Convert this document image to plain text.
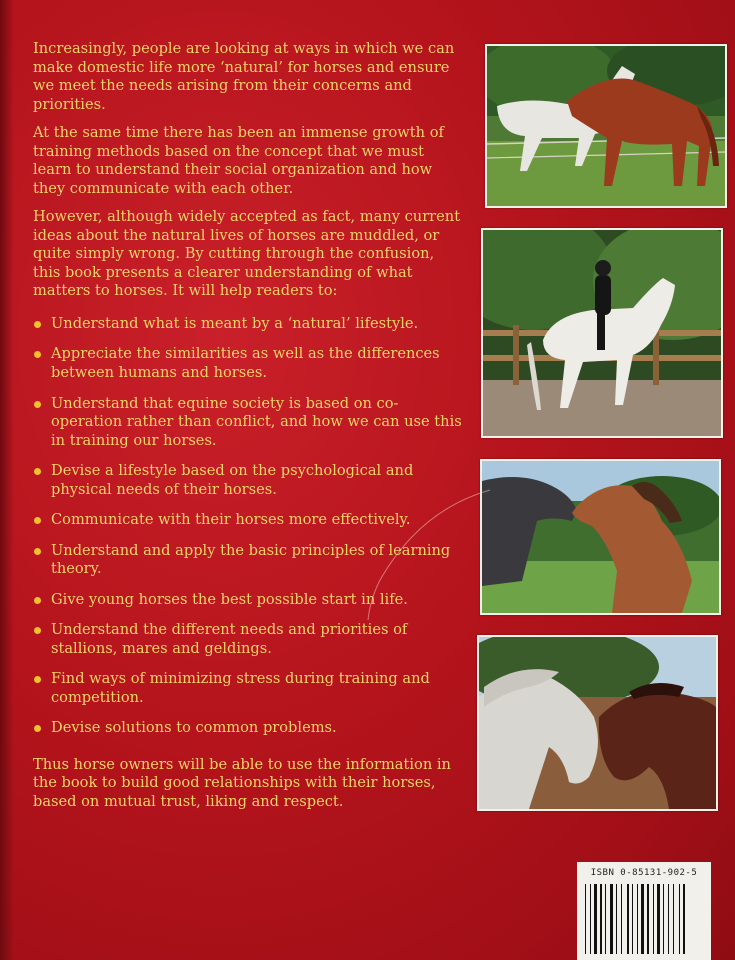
Increasingly, people are looking at ways in which we can make domestic life more ‘natural’ for horses and ensure we meet the needs arising from their concerns and priorities.

At the same time there has been an immense growth of training methods based on the concept that we must learn to understand their social organization and how they communicate with each other.

However, although widely accepted as fact, many current ideas about the natural lives of horses are muddled, or quite simply wrong. By cutting through the confusion, this book presents a clearer understanding of what matters to horses. It will help readers to:

Understand what is meant by a ‘natural’ lifestyle.
Appreciate the similarities as well as the differences between humans and horses.
Understand that equine society is based on co-operation rather than conflict, and how we can use this in training our horses.
Devise a lifestyle based on the psychological and physical needs of their horses.
Communicate with their horses more effectively.
Understand and apply the basic principles of learning theory.
Give young horses the best possible start in life.
Understand the different needs and priorities of stallions, mares and geldings.
Find ways of minimizing stress during training and competition.
Devise solutions to common problems.

Thus horse owners will be able to use the information in the book to build good relationships with their horses, based on mutual trust, liking and respect.

ISBN 0-85131-902-5
